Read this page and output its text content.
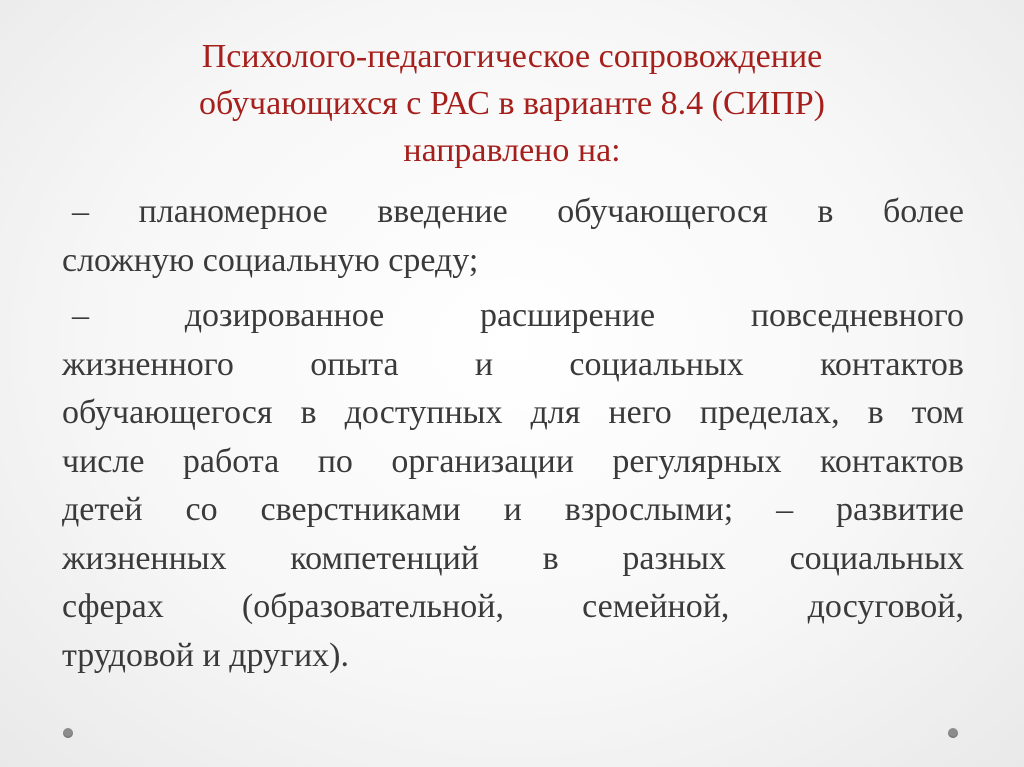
Психолого-педагогическое сопровождение
обучающихся с РАС в варианте 8.4 (СИПР)
направлено на:
– планомерное введение обучающегося в более
сложную социальную среду;
–	дозированное	расширение	повседневного
жизненного опыта и социальных контактов
обучающегося в доступных для него пределах, в том
числе работа по организации регулярных контактов
детей со сверстниками и взрослыми; – развитие
жизненных компетенций в разных социальных
сферах (образовательной, семейной, досуговой,
трудовой и других).
